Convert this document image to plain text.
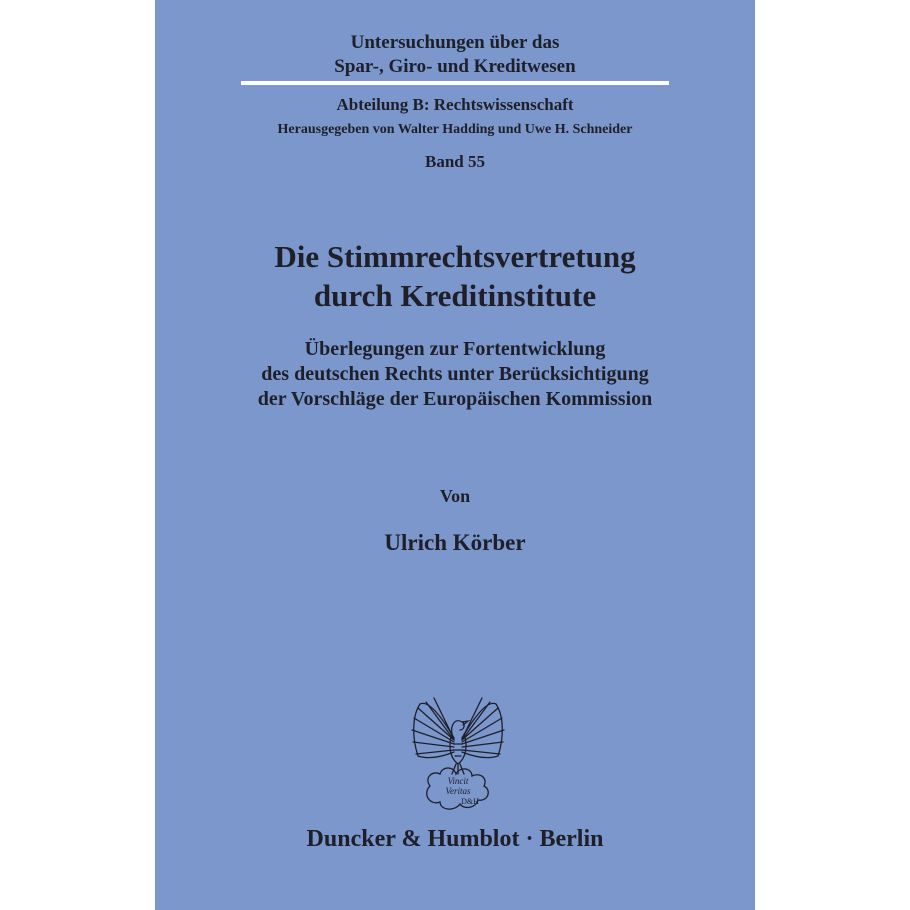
Untersuchungen über das
Spar-, Giro- und Kreditwesen
Abteilung B: Rechtswissenschaft
Herausgegeben von Walter Hadding und Uwe H. Schneider
Band 55
Die Stimmrechtsvertretung
durch Kreditinstitute
Überlegungen zur Fortentwicklung
des deutschen Rechts unter Berücksichtigung
der Vorschläge der Europäischen Kommission
Von
Ulrich Körber
Vincit
Veritas
D&H
Duncker & Humblot · Berlin
